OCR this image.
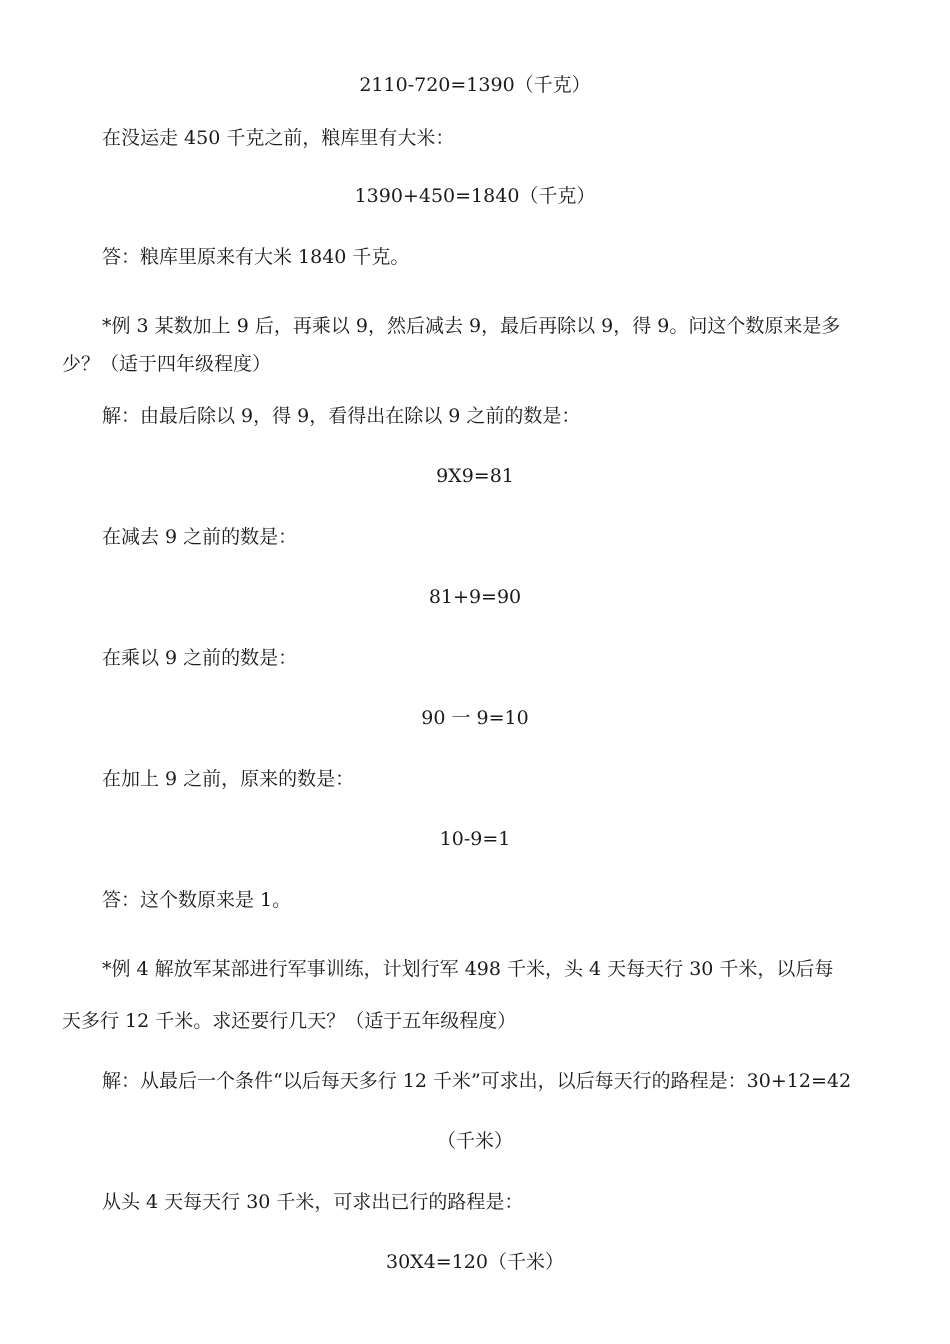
2110-720=1390（千克）
在没运走 450 千克之前，粮库里有大米：
1390+450=1840（千克）
答：粮库里原来有大米 1840 千克。
*例 3 某数加上 9 后，再乘以 9，然后减去 9，最后再除以 9，得 9。问这个数原来是多
少？（适于四年级程度）
解：由最后除以 9，得 9，看得出在除以 9 之前的数是：
9X9=81
在减去 9 之前的数是：
81+9=90
在乘以 9 之前的数是：
90 一 9=10
在加上 9 之前，原来的数是：
10-9=1
答：这个数原来是 1。
*例 4 解放军某部进行军事训练，计划行军 498 千米，头 4 天每天行 30 千米，以后每
天多行 12 千米。求还要行几天？（适于五年级程度）
解：从最后一个条件“以后每天多行 12 千米”可求出，以后每天行的路程是：30+12=42
（千米）
从头 4 天每天行 30 千米，可求出已行的路程是：
30X4=120（千米）
